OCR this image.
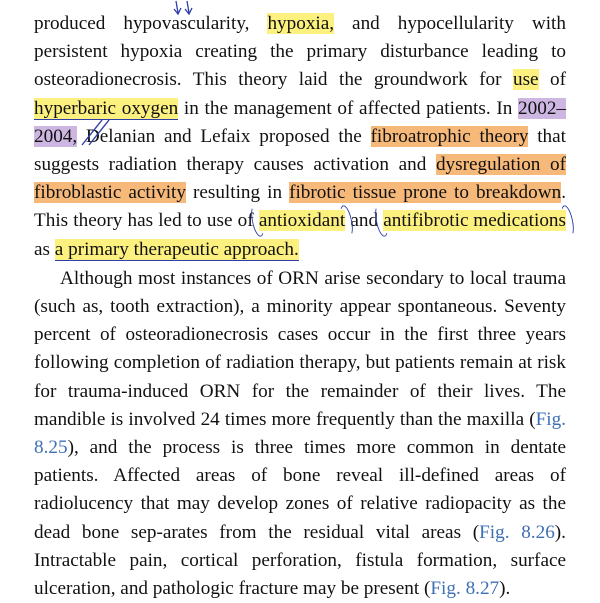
produced hypovascularity, hypoxia, and hypocellularity with persistent hypoxia creating the primary disturbance leading to osteoradionecrosis. This theory laid the groundwork for use of hyperbaric oxygen in the management of affected patients. In 2002–2004, Delanian and Lefaix proposed the fibroatrophic theory that suggests radiation therapy causes activation and dysregulation of fibroblastic activity resulting in fibrotic tissue prone to breakdown. This theory has led to use of antioxidant and antifibrotic medications as a primary therapeutic approach.

Although most instances of ORN arise secondary to local trauma (such as, tooth extraction), a minority appear spontaneous. Seventy percent of osteoradionecrosis cases occur in the first three years following completion of radiation therapy, but patients remain at risk for trauma-induced ORN for the remainder of their lives. The mandible is involved 24 times more frequently than the maxilla (Fig. 8.25), and the process is three times more common in dentate patients. Affected areas of bone reveal ill-defined areas of radiolucency that may develop zones of relative radiopacity as the dead bone sep-arates from the residual vital areas (Fig. 8.26). Intractable pain, cortical perforation, fistula formation, surface ulceration, and pathologic fracture may be present (Fig. 8.27).
